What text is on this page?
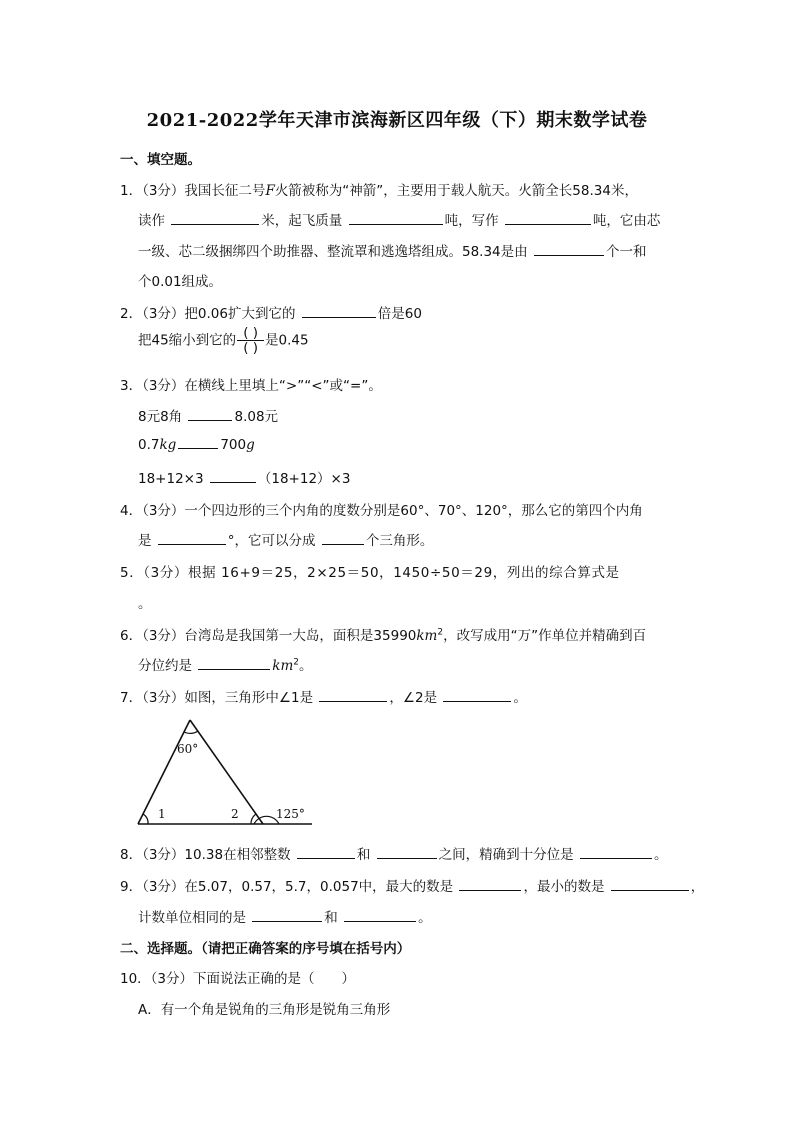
2021-2022学年天津市滨海新区四年级（下）期末数学试卷
一、填空题。
1．（3分）我国长征二号F火箭被称为“神箭”，主要用于载人航天。火箭全长58.34米，
读作	米，起飞质量	吨，写作	吨，它由芯
一级、芯二级捆绑四个助推器、整流罩和逃逸塔组成。58.34是由	个一和
个0.01组成。
2．（3分）把0.06扩大到它的	倍是60
把45缩小到它的 $\frac{( )}{( )}$ 是0.45
3．（3分）在横线上里填上“>”“<”或“=”。
8元8角	8.08元
0.7kg	700g
18+12×3	（18+12）×3
4．（3分）一个四边形的三个内角的度数分别是60°、70°、120°，那么它的第四个内角
是	°，它可以分成	个三角形。
5．（3分）根据 16+9＝25，2×25＝50，1450÷50＝29，列出的综合算式是
。
6．（3分）台湾岛是我国第一大岛，面积是$35990km^2$，改写成用“万”作单位并精确到百
分位约是	$km^2$。
7．（3分）如图，三角形中∠1是	，∠2是	。
60°
1	2	125°
8．（3分）10.38在相邻整数	和	之间，精确到十分位是	。
9．（3分）在5.07，0.57，5.7，0.057中，最大的数是	，最小的数是	，
计数单位相同的是	和	。
二、选择题。（请把正确答案的序号填在括号内）
10．（3分）下面说法正确的是（　　）
A．有一个角是锐角的三角形是锐角三角形
